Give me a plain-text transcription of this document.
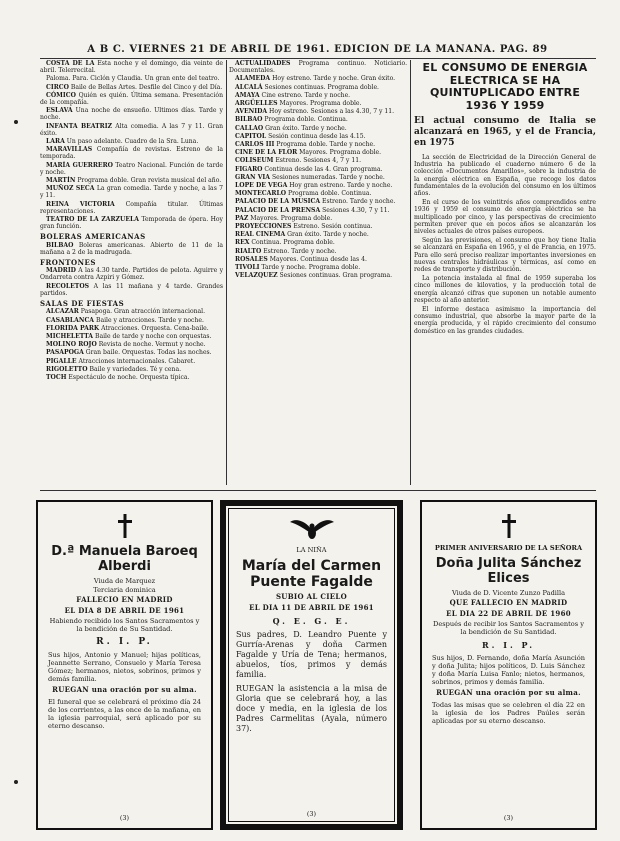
A B C. VIERNES 21 DE ABRIL DE 1961. EDICION DE LA MAÑANA. PAG. 89

COSTA DE LA Esta noche y el domingo, día veinte de abril. Telerrecital.

Paloma. Para. Ciclón y Claudia. Un gran ente del teatro.

CIRCO Baile de Bellas Artes. Desfile del Cinco y del Día.

CÓMICO Quién es quién. Última semana. Presentación de la compañía.

ESLAVA Una noche de ensueño. Ultimos días. Tarde y noche.

INFANTA BEATRIZ Alta comedia. A las 7 y 11. Gran éxito.

LARA Un paso adelante. Cuadro de la Sra. Luna.

MARAVILLAS Compañía de revistas. Estreno de la temporada.

MARÍA GUERRERO Teatro Nacional. Función de tarde y noche.

MARTÍN Programa doble. Gran revista musical del año.

MUÑOZ SECA La gran comedia. Tarde y noche, a las 7 y 11.

REINA VICTORIA Compañía titular. Últimas representaciones.

TEATRO DE LA ZARZUELA Temporada de ópera. Hoy gran función.

BOLERAS AMERICANAS

BILBAO Boleras americanas. Abierto de 11 de la mañana a 2 de la madrugada.

FRONTONES

MADRID A las 4.30 tarde. Partidos de pelota. Aguirre y Ondarreta contra Azpiri y Gómez.

RECOLETOS A las 11 mañana y 4 tarde. Grandes partidos.

SALAS DE FIESTAS

ALCAZAR Pasapoga. Gran atracción internacional.

CASABLANCA Baile y atracciones. Tarde y noche.

FLORIDA PARK Atracciones. Orquesta. Cena-baile.

MICHELETTA Baile de tarde y noche con orquestas.

MOLINO ROJO Revista de noche. Vermut y noche.

PASAPOGA Gran baile. Orquestas. Todas las noches.

PIGALLE Atracciones internacionales. Cabaret.

RIGOLETTO Baile y variedades. Té y cena.

TOCH Espectáculo de noche. Orquesta típica.

ACTUALIDADES Programa continuo. Noticiario. Documentales.

ALAMEDA Hoy estreno. Tarde y noche. Gran éxito.

ALCALÁ Sesiones continuas. Programa doble.

AMAYA Cine estreno. Tarde y noche.

ARGÜELLES Mayores. Programa doble.

AVENIDA Hoy estreno. Sesiones a las 4.30, 7 y 11.

BILBAO Programa doble. Continua.

CALLAO Gran éxito. Tarde y noche.

CAPITOL Sesión continua desde las 4.15.

CARLOS III Programa doble. Tarde y noche.

CINE DE LA FLOR Mayores. Programa doble.

COLISEUM Estreno. Sesiones 4, 7 y 11.

FIGARO Continua desde las 4. Gran programa.

GRAN VIA Sesiones numeradas. Tarde y noche.

LOPE DE VEGA Hoy gran estreno. Tarde y noche.

MONTECARLO Programa doble. Continua.

PALACIO DE LA MUSICA Estreno. Tarde y noche.

PALACIO DE LA PRENSA Sesiones 4.30, 7 y 11.

PAZ Mayores. Programa doble.

PROYECCIONES Estreno. Sesión continua.

REAL CINEMA Gran éxito. Tarde y noche.

REX Continua. Programa doble.

RIALTO Estreno. Tarde y noche.

ROSALES Mayores. Continua desde las 4.

TIVOLI Tarde y noche. Programa doble.

VELAZQUEZ Sesiones continuas. Gran programa.

EL CONSUMO DE ENERGIA ELECTRICA SE HA QUINTUPLICADO ENTRE 1936 Y 1959
El actual consumo de Italia se alcanzará en 1965, y el de Francia, en 1975

La sección de Electricidad de la Dirección General de Industria ha publicado el cuaderno número 6 de la colección «Documentos Amarillos», sobre la industria de la energía eléctrica en España, que recoge los datos fundamentales de la evolución del consumo en los últimos años.

En el curso de los veintitrés años comprendidos entre 1936 y 1959 el consumo de energía eléctrica se ha multiplicado por cinco, y las perspectivas de crecimiento permiten prever que en pocos años se alcanzarán los niveles actuales de otros países europeos.

Según las previsiones, el consumo que hoy tiene Italia se alcanzará en España en 1965, y el de Francia, en 1975. Para ello será preciso realizar importantes inversiones en nuevas centrales hidráulicas y térmicas, así como en redes de transporte y distribución.

La potencia instalada al final de 1959 superaba los cinco millones de kilovatios, y la producción total de energía alcanzó cifras que suponen un notable aumento respecto al año anterior.

El informe destaca asimismo la importancia del consumo industrial, que absorbe la mayor parte de la energía producida, y el rápido crecimiento del consumo doméstico en las grandes ciudades.

D.ª Manuela Baroeq Alberdi
Viuda de Marquez
Terciaria dominica
FALLECIO EN MADRID
EL DIA 8 DE ABRIL DE 1961
Habiendo recibido los Santos Sacramentos y la bendición de Su Santidad.
R. I. P.
Sus hijos, Antonio y Manuel; hijas políticas, Jeannette Serrano, Consuelo y María Teresa Gómez; hermanos, nietos, sobrinos, primos y demás familia.
RUEGAN una oración por su alma.
El funeral que se celebrará el próximo día 24 de los corrientes, a las once de la mañana, en la iglesia parroquial, será aplicado por su eterno descanso.
(3)
LA NIÑA
María del Carmen Puente Fagalde
SUBIO AL CIELO
EL DIA 11 DE ABRIL DE 1961
Q. E. G. E.
Sus padres, D. Leandro Puente y Gurría-Arenas y doña Carmen Fagalde y Uría de Tena; hermanos, abuelos, tíos, primos y demás familia.
RUEGAN la asistencia a la misa de Gloria que se celebrará hoy, a las doce y media, en la iglesia de los Padres Carmelitas (Ayala, número 37).
(3)
PRIMER ANIVERSARIO DE LA SEÑORA
Doña Julita Sánchez Elices
Viuda de D. Vicente Zunzo Padilla
QUE FALLECIO EN MADRID
EL DIA 22 DE ABRIL DE 1960
Después de recibir los Santos Sacramentos y la bendición de Su Santidad.
R. I. P.
Sus hijos, D. Fernando, doña María Asunción y doña Julita; hijos políticos, D. Luis Sánchez y doña María Luisa Fanlo; nietos, hermanos, sobrinos, primos y demás familia.
RUEGAN una oración por su alma.
Todas las misas que se celebren el día 22 en la iglesia de los Padres Paúles serán aplicadas por su eterno descanso.
(3)
